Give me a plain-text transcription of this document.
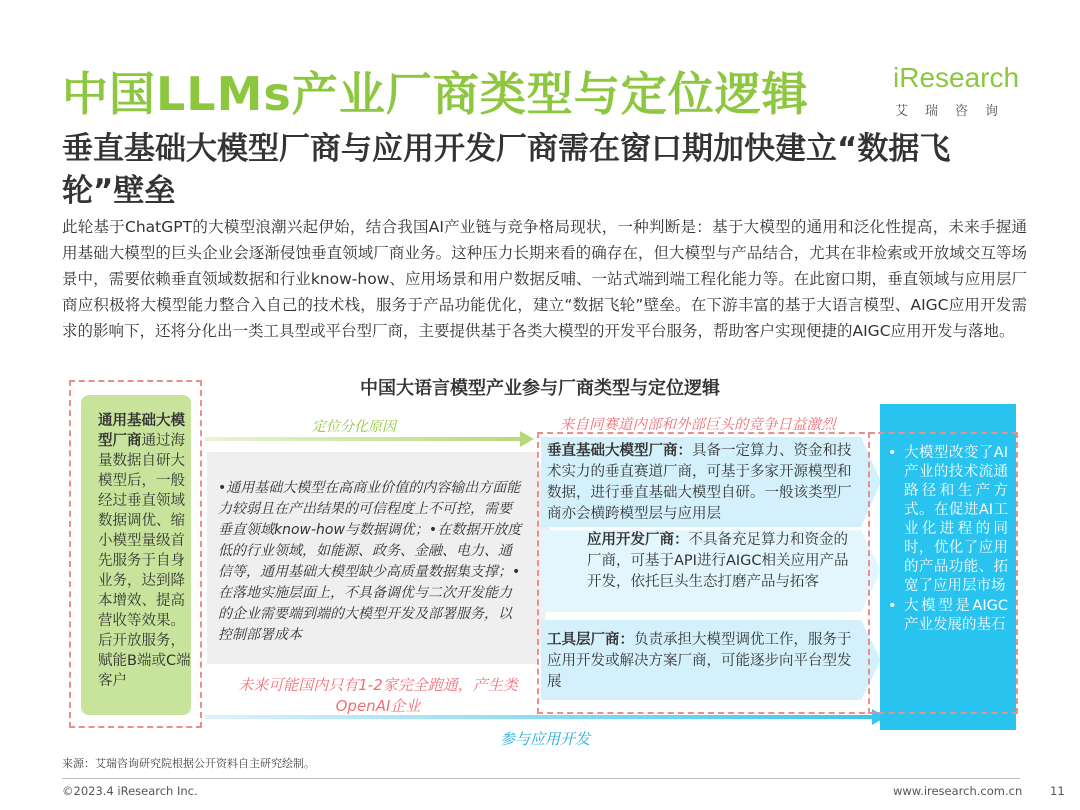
中国LLMs产业厂商类型与定位逻辑	iResearch
艾瑞咨询
垂直基础大模型厂商与应用开发厂商需在窗口期加快建立“数据飞轮”壁垒
此轮基于ChatGPT的大模型浪潮兴起伊始，结合我国AI产业链与竞争格局现状，一种判断是：基于大模型的通用和泛化性提高，未来手握通用基础大模型的巨头企业会逐渐侵蚀垂直领域厂商业务。这种压力长期来看的确存在，但大模型与产品结合，尤其在非检索或开放域交互等场景中，需要依赖垂直领域数据和行业know-how、应用场景和用户数据反哺、一站式端到端工程化能力等。在此窗口期，垂直领域与应用层厂商应积极将大模型能力整合入自己的技术栈，服务于产品功能优化，建立“数据飞轮”壁垒。在下游丰富的基于大语言模型、AIGC应用开发需求的影响下，还将分化出一类工具型或平台型厂商，主要提供基于各类大模型的开发平台服务，帮助客户实现便捷的AIGC应用开发与落地。
中国大语言模型产业参与厂商类型与定位逻辑
通用基础大模型厂商通过海量数据自研大模型后，一般经过垂直领域数据调优、缩小模型量级首先服务于自身业务，达到降本增效、提高营收等效果。后开放服务，赋能B端或C端客户
定位分化原因
参与应用开发
•通用基础大模型在高商业价值的内容输出方面能力较弱且在产出结果的可信程度上不可控，需要垂直领域know-how与数据调优；•在数据开放度低的行业领域，如能源、政务、金融、电力、通信等，通用基础大模型缺少高质量数据集支撑；•在落地实施层面上，不具备调优与二次开发能力的企业需要端到端的大模型开发及部署服务，以控制部署成本
未来可能国内只有1-2家完全跑通，产生类OpenAI企业
来自同赛道内部和外部巨头的竞争日益激烈
垂直基础大模型厂商：具备一定算力、资金和技术实力的垂直赛道厂商，可基于多家开源模型和数据，进行垂直基础大模型自研。一般该类型厂商亦会横跨模型层与应用层
应用开发厂商：不具备充足算力和资金的厂商，可基于API进行AIGC相关应用产品开发，依托巨头生态打磨产品与拓客
工具层厂商：负责承担大模型调优工作，服务于应用开发或解决方案厂商，可能逐步向平台型发展
• 大模型改变了AI产业的技术流通路径和生产方式。在促进AI工业化进程的同时，优化了应用的产品功能、拓宽了应用层市场
• 大模型是AIGC产业发展的基石
来源：艾瑞咨询研究院根据公开资料自主研究绘制。
©2023.4 iResearch Inc.	www.iresearch.com.cn 11
